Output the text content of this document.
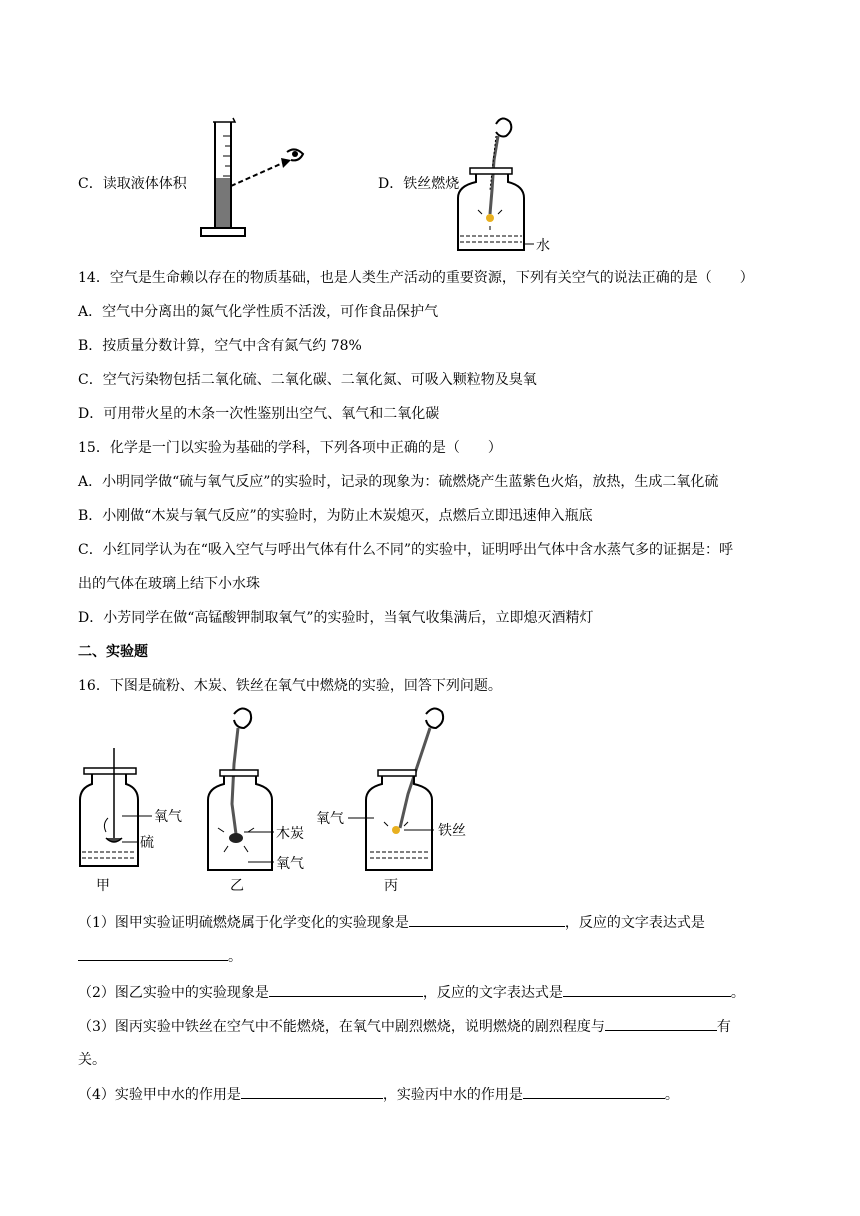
C．读取液体体积	D．铁丝燃烧
水
14．空气是生命赖以存在的物质基础，也是人类生产活动的重要资源，下列有关空气的说法正确的是（　　）
A．空气中分离出的氮气化学性质不活泼，可作食品保护气
B．按质量分数计算，空气中含有氮气约 78%
C．空气污染物包括二氧化硫、二氧化碳、二氧化氮、可吸入颗粒物及臭氧
D．可用带火星的木条一次性鉴别出空气、氧气和二氧化碳
15．化学是一门以实验为基础的学科，下列各项中正确的是（　　）
A．小明同学做“硫与氧气反应”的实验时，记录的现象为：硫燃烧产生蓝紫色火焰，放热，生成二氧化硫
B．小刚做“木炭与氧气反应”的实验时，为防止木炭熄灭，点燃后立即迅速伸入瓶底
C．小红同学认为在“吸入空气与呼出气体有什么不同”的实验中，证明呼出气体中含水蒸气多的证据是：呼
出的气体在玻璃上结下小水珠
D．小芳同学在做“高锰酸钾制取氧气”的实验时，当氧气收集满后，立即熄灭酒精灯
二、实验题
16．下图是硫粉、木炭、铁丝在氧气中燃烧的实验，回答下列问题。
氧气
硫
甲
木炭
氧气
乙
氧气
铁丝
丙
（1）图甲实验证明硫燃烧属于化学变化的实验现象是	，反应的文字表达式是
。
（2）图乙实验中的实验现象是	，反应的文字表达式是	。
（3）图丙实验中铁丝在空气中不能燃烧，在氧气中剧烈燃烧，说明燃烧的剧烈程度与	有
关。
（4）实验甲中水的作用是	，实验丙中水的作用是	。
